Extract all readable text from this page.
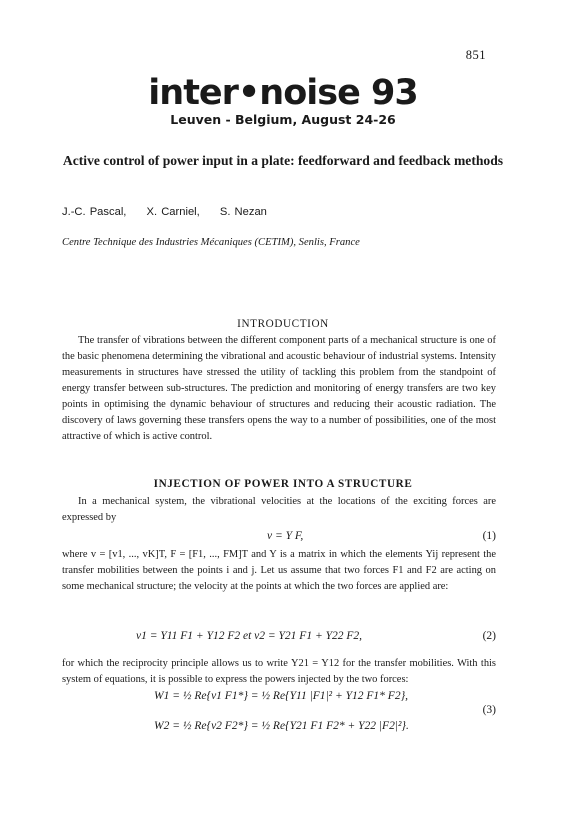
851
inter•noise 93
Leuven - Belgium, August 24-26
Active control of power input in a plate: feedforward and feedback methods
J.-C. Pascal, X. Carniel, S. Nezan
Centre Technique des Industries Mécaniques (CETIM), Senlis, France
INTRODUCTION
The transfer of vibrations between the different component parts of a mechanical structure is one of the basic phenomena determining the vibrational and acoustic behaviour of industrial systems. Intensity measurements in structures have stressed the utility of tackling this problem from the standpoint of energy transfer between sub-structures. The prediction and monitoring of energy transfers are two key points in optimising the dynamic behaviour of structures and reducing their acoustic radiation. The discovery of laws governing these transfers opens the way to a number of possibilities, one of the most attractive of which is active control.
INJECTION OF POWER INTO A STRUCTURE
In a mechanical system, the vibrational velocities at the locations of the exciting forces are expressed by
v = Y F,	(1)
where v = [v1, ..., vK]T, F = [F1, ..., FM]T and Y is a matrix in which the elements Yij represent the transfer mobilities between the points i and j. Let us assume that two forces F1 and F2 are acting on some mechanical structure; the velocity at the points at which the two forces are applied are:
v1 = Y11 F1 + Y12 F2 et v2 = Y21 F1 + Y22 F2,	(2)
for which the reciprocity principle allows us to write Y21 = Y12 for the transfer mobilities. With this system of equations, it is possible to express the powers injected by the two forces:
W1 = ½ Re{v1 F1*} = ½ Re{Y11 |F1|² + Y12 F1* F2},
W2 = ½ Re{v2 F2*} = ½ Re{Y21 F1 F2* + Y22 |F2|²}.
(3)
